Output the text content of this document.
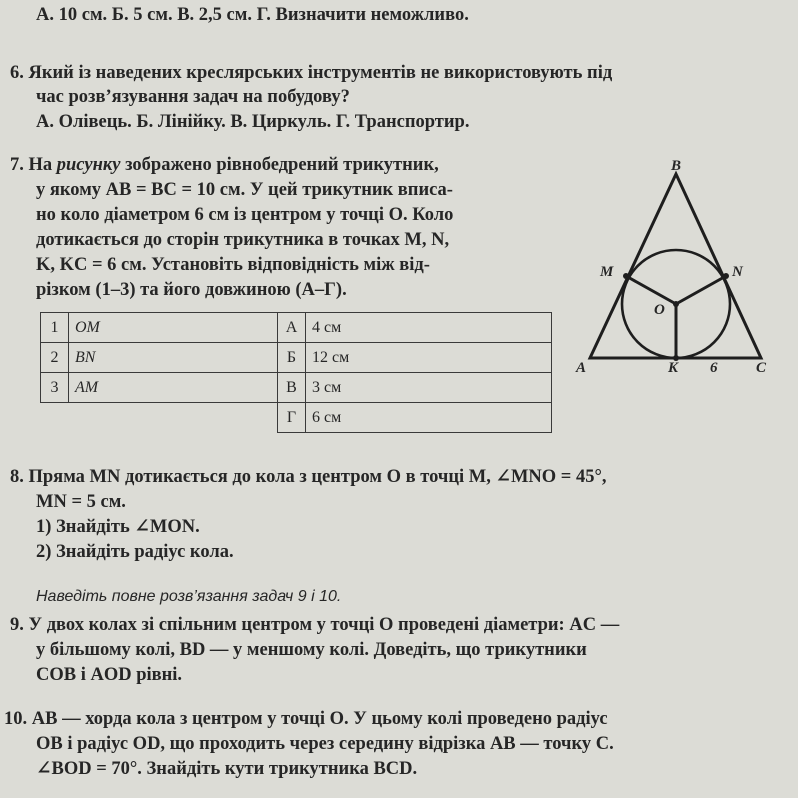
А. 10 см. Б. 5 см. В. 2,5 см. Г. Визначити неможливо.
6. Який із наведених креслярських інструментів не використовують під
час розв’язування задач на побудову?
А. Олівець. Б. Лінійку. В. Циркуль. Г. Транспортир.
7. На рисунку зображено рівнобедрений трикутник,
у якому AB = BC = 10 см. У цей трикутник вписа-
но коло діаметром 6 см із центром у точці O. Коло
дотикається до сторін трикутника в точках M, N,
K, KC = 6 см. Установіть відповідність між від-
різком (1–3) та його довжиною (А–Г).
1	OM	А	4 см
2	BN	Б	12 см
3	AM	В	3 см
		Г	6 см
B
M	N
O
A	K 6	C
8. Пряма MN дотикається до кола з центром O в точці M, ∠MNO = 45°,
MN = 5 см.
1) Знайдіть ∠MON.
2) Знайдіть радіус кола.
Наведіть повне розв’язання задач 9 і 10.
9. У двох колах зі спільним центром у точці O проведені діаметри: AC —
у більшому колі, BD — у меншому колі. Доведіть, що трикутники
COB і AOD рівні.
10. AB — хорда кола з центром у точці O. У цьому колі проведено радіус
OB і радіус OD, що проходить через середину відрізка AB — точку C.
∠BOD = 70°. Знайдіть кути трикутника BCD.
